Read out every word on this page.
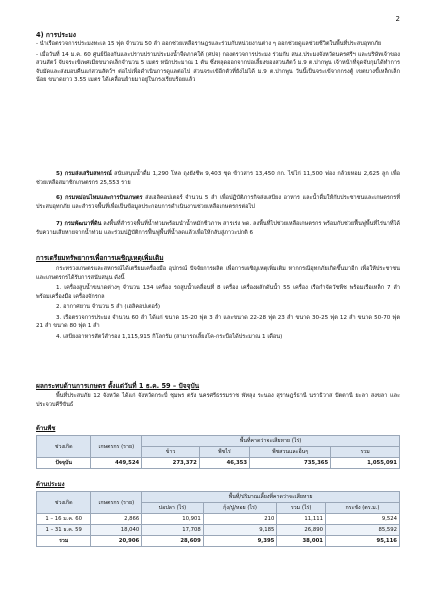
2
4) การประมง
- นำเรือตรวจการประมงทะเล 15 ฟุต จำนวน 50 ลำ ออกช่วยเหลือราษฎรและร่วมกับหน่วยงานต่าง ๆ ออกช่วยดูแลช่วยชีวิตในพื้นที่ประสบอุทกภัย
- เมื่อวันที่ 14 ม.ค. 60 ศูนย์ป้องกันและปราบปรามประมงน้ำจืดภาคใต้ (ศปจ) กองตรวจการประมง ร่วมกับ สนง.ประมงจังหวัดนครศรีฯ และบริษัทเจ้าของสวนสัตว์ จับจระเข้เพศเมียขนาดเล็กจำนวน 5 เมตร หนักประมาณ 1 ตัน ซึ่งหลุดออกจากบ่อเลี้ยงของสวนสัตว์ ม.9 ต.ปากพูน เจ้าหน้าที่จุดจับกุมได้ทำการจับมัดและส่งมอบคืนแก่สวนสัตว์ฯ ต่อไปเพื่อดำเนินการดูแลต่อไป ส่วนจระเข้อีกตัวที่ยังไม่ได้ ม.9 ต.ปากพูน วันนี้เป็นจระเข้จากกรงตู้ เขตบางขี้เหล็กเล็กน้อย ขนาดยาว 3.55 เมตร ได้เคลื่อนย้ายมาอยู่ในกรงเรียบร้อยแล้ว
5) กรมส่งเสริมสหกรณ์ สนับสนุนน้ำดื่ม 1,290 โหล ถุงยังชีพ 9,403 ชุด ข้าวสาร 13,450 กก. ไข่ไก่ 11,500 ฟอง กล้วยหอม 2,625 ลูก เพื่อช่วยเหลือสมาชิกเกษตรกร 25,553 ราย
6) กรมหม่อนไหมและการบินเกษตร ส่งเฮลิคอปเตอร์ จำนวน 5 ลำ เพื่อปฏิบัติภารกิจส่งเสบียง อาหาร และน้ำดื่มให้กับประชาชนและเกษตรกรที่ประสบอุทกภัย และสำรวจพื้นที่เพื่อเป็นข้อมูลประกอบการดำเนินงานช่วยเหลือเกษตรกรต่อไป
7) กรมพัฒนาที่ดิน ลงพื้นที่สำรวจพื้นที่น้ำท่วมพร้อมนำน้ำหมักชีวภาพ สารเร่ง พด. ลงพื้นที่ไปช่วยเหลือเกษตรกร พร้อมกับช่วยฟื้นฟูพื้นที่ไร่นาที่ได้รับความเสียหายจากน้ำท่วม และร่วมปฏิบัติการฟื้นฟูพื้นที่น้ำลดแล้วเพื่อให้กลับสู่ภาวะปกติ 6
การเตรียมทรัพยากรเพื่อการเผชิญเหตุเพิ่มเติม
กระทรวงเกษตรและสหกรณ์ได้เตรียมเครื่องมือ อุปกรณ์ ปัจจัยการผลิต เพื่อการเผชิญเหตุเพิ่มเติม หากกรณีอุทกภัยเกิดขึ้นมาอีก เพื่อให้ประชาชนและเกษตรกรได้รับการสนับสนุน ดังนี้
1. เครื่องสูบน้ำขนาดต่างๆ จำนวน 134 เครื่อง รถสูบน้ำเคลื่อนที่ 8 เครื่อง เครื่องผลักดันน้ำ 55 เครื่อง เรือกำจัดวัชพืช พร้อมเรือเหล็ก 7 ลำ พร้อมเครื่องมือ เครื่องจักรกล
2. อากาศยาน จำนวน 5 ลำ (เฮลิคอปเตอร์)
3. เรือตรวจการประมง จำนวน 60 ลำ ได้แก่ ขนาด 15-20 ฟุต 3 ลำ และขนาด 22-28 ฟุต 23 ลำ ขนาด 30-25 ฟุต 12 ลำ ขนาด 50-70 ฟุต 21 ลำ ขนาด 80 ฟุต 1 ลำ
4. เสบียงอาหารสัตว์สำรอง 1,115,915 กิโลกรัม (สามารถเลี้ยงโค-กระบือได้ประมาณ 1 เดือน)
ผลกระทบด้านการเกษตร ตั้งแต่วันที่ 1 ธ.ค. 59 – ปัจจุบัน
พื้นที่ประสบภัย 12 จังหวัด ได้แก่ จังหวัดกระบี่ ชุมพร ตรัง นครศรีธรรมราช พัทลุง ระนอง สุราษฎร์ธานี นราธิวาส ปัตตานี ยะลา สงขลา และประจวบคีรีขันธ์
ด้านพืช
ช่วงเกิด	เกษตรกร (ราย)	พื้นที่คาดว่าจะเสียหาย (ไร่)			
		ข้าว	พืชไร่	พืชสวนและอื่นๆ	รวม
ปัจจุบัน	449,524	273,372	46,353	735,365	1,055,091
ด้านประมง
ช่วงเกิด	เกษตรกร (ราย)	พื้นที่/ปริมาณเลี้ยงที่คาดว่าจะเสียหาย			
		บ่อปลา (ไร่)	กุ้ง/ปู/หอย (ไร่)	รวม (ไร่)	กระชัง (ตร.ม.)
1 – 16 ม.ค. 60	2,866	10,901	210	11,111	9,524
1 – 31 ธ.ค. 59	18,040	17,708	9,185	26,890	85,592
รวม	20,906	28,609	9,395	38,001	95,116
